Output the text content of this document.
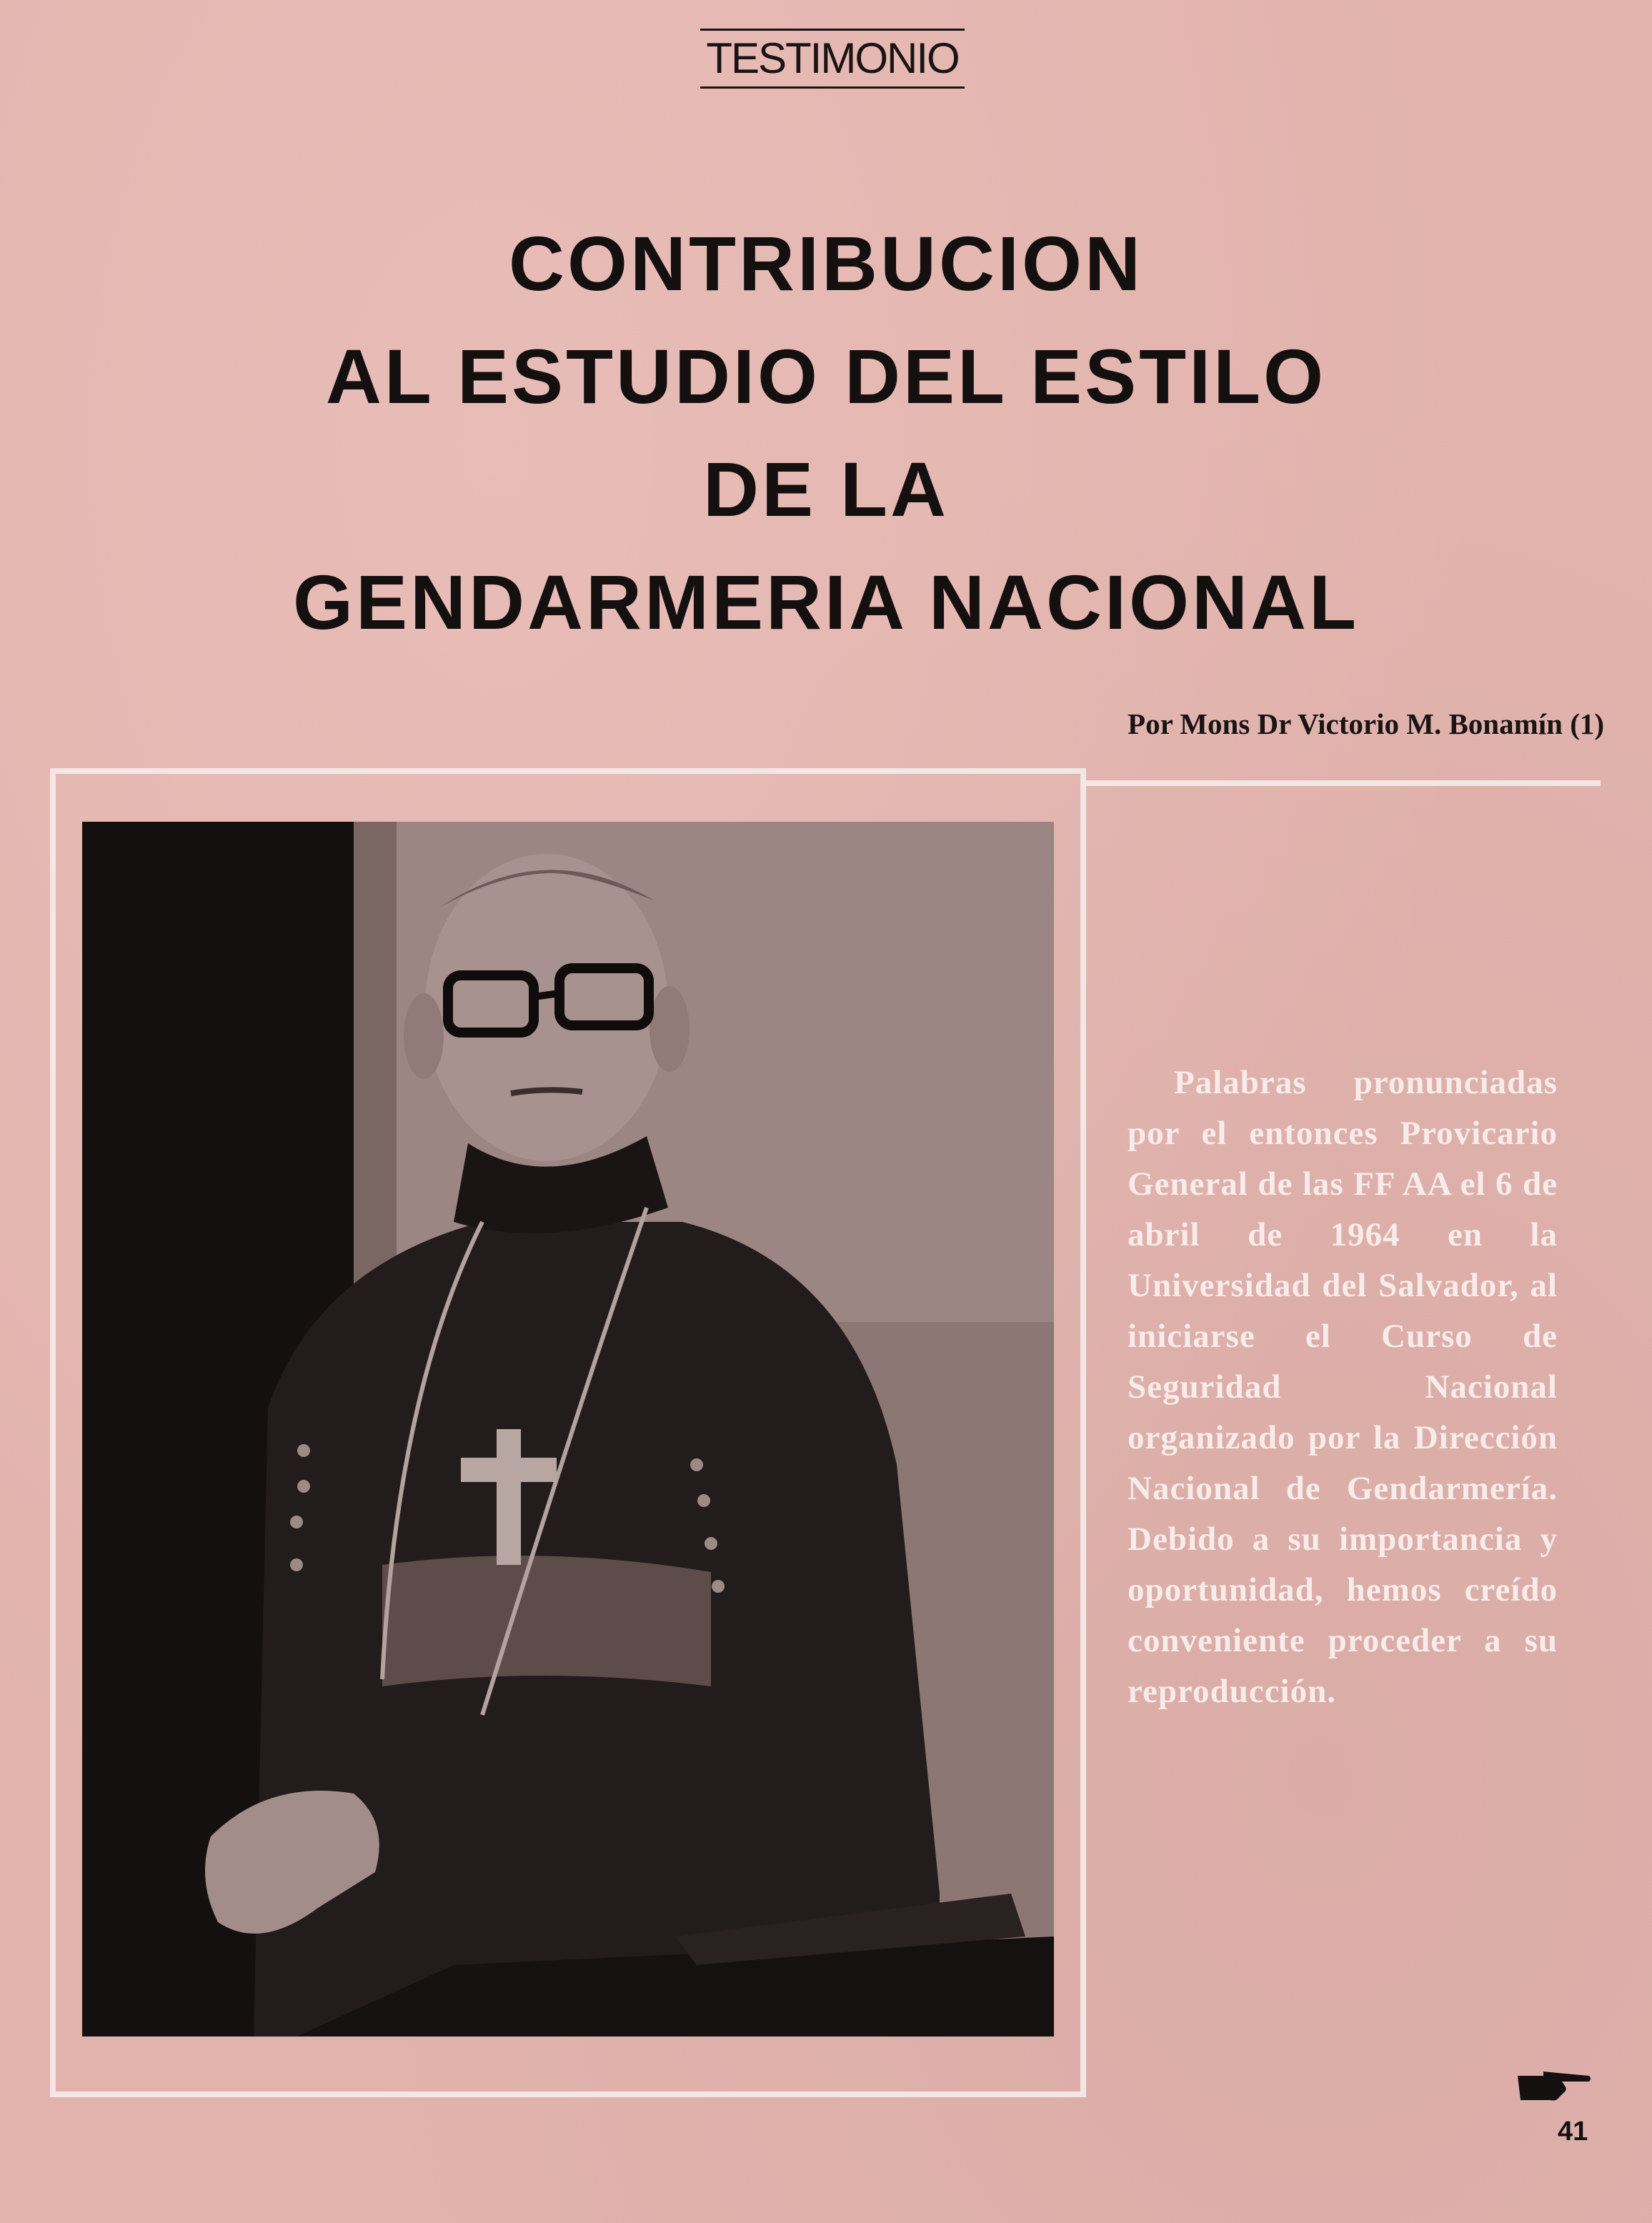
TESTIMONIO
CONTRIBUCION
AL ESTUDIO DEL ESTILO
DE LA
GENDARMERIA NACIONAL
Por Mons Dr Victorio M. Bonamín (1)
Palabras pronunciadas por el entonces Provicario General de las FF AA el 6 de abril de 1964 en la Universidad del Salvador, al iniciarse el Curso de Seguridad Nacional organizado por la Dirección Nacional de Gendarmería. Debido a su importancia y oportunidad, hemos creído conveniente proceder a su reproducción.
41
